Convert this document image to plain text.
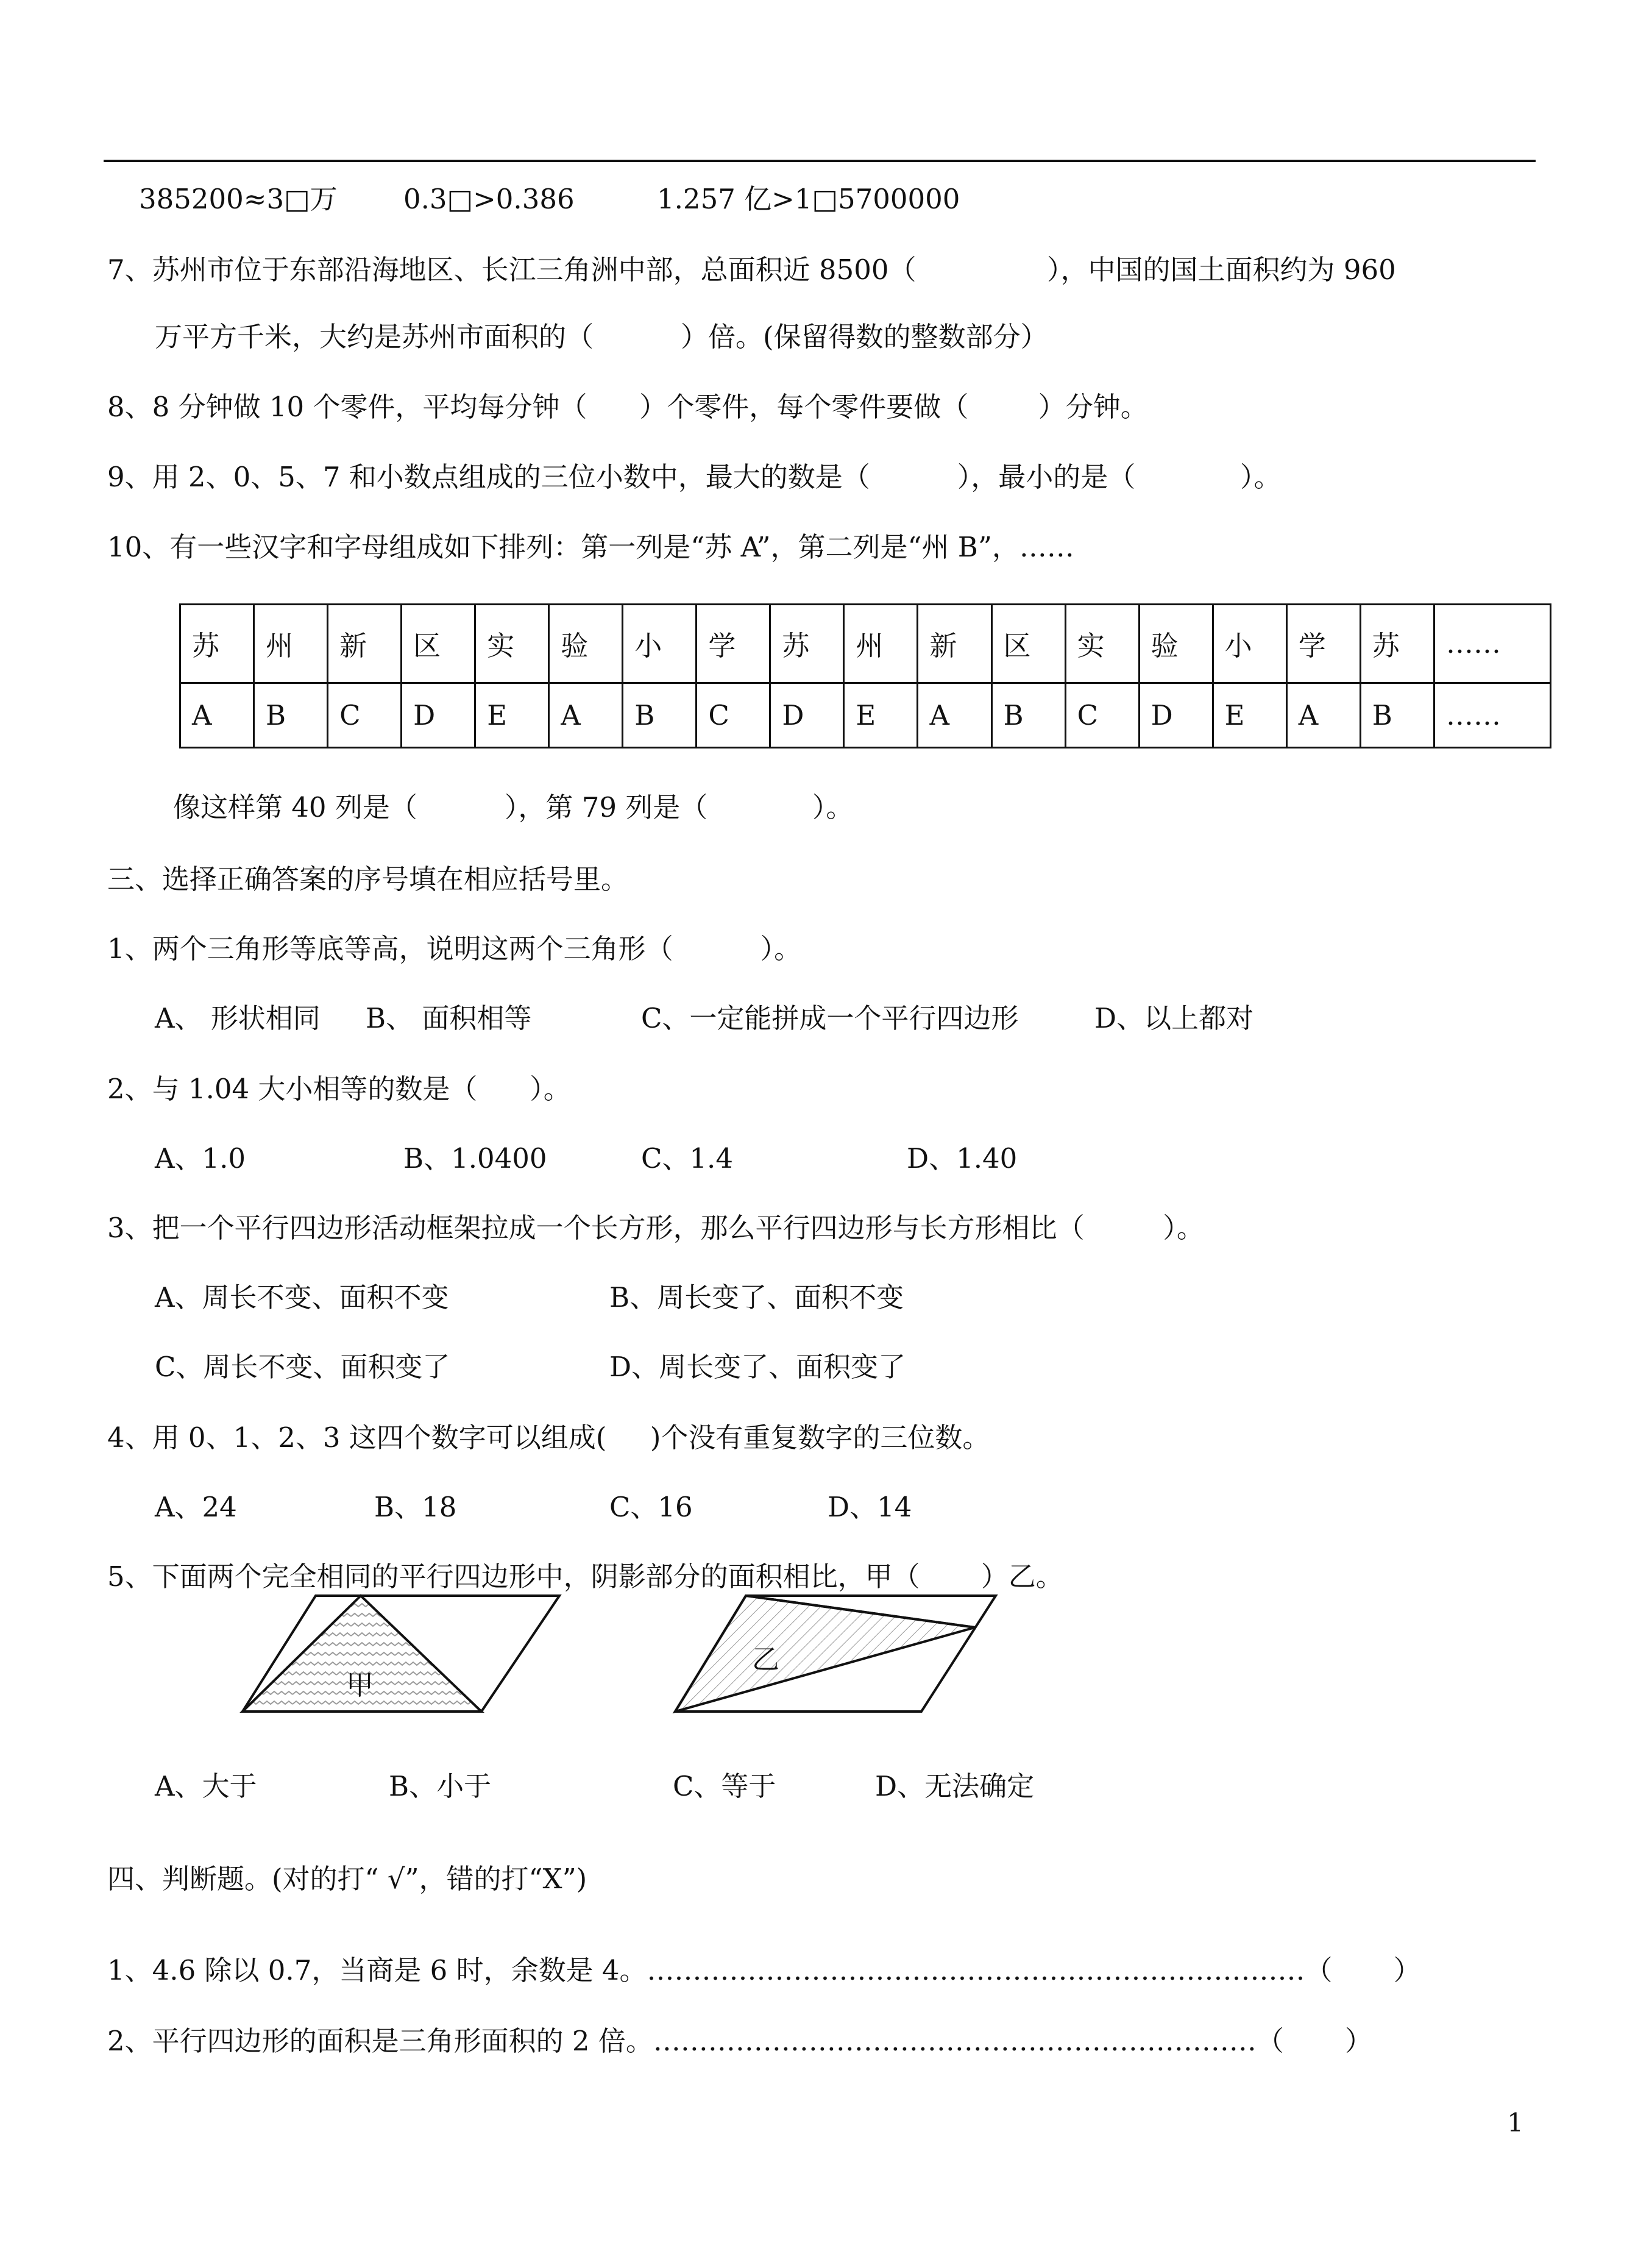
385200≈3□万 0.3□>0.386	1.257 亿>1□5700000
7、苏州市位于东部沿海地区、长江三角洲中部，总面积近 8500（               ），中国的国土面积约为 960
万平方千米，大约是苏州市面积的（          ）倍。(保留得数的整数部分）
8、8 分钟做 10 个零件，平均每分钟（      ）个零件，每个零件要做（        ）分钟。
9、用 2、0、5、7 和小数点组成的三位小数中，最大的数是（          ），最小的是（            ）。
10、有一些汉字和字母组成如下排列：第一列是“苏 A”，第二列是“州 B”，……
苏	州	新	区	实	验	小	学	苏	州	新	区	实	验	小	学	苏	……
A	B	C	D	E	A	B	C	D	E	A	B	C	D	E	A	B	……
像这样第 40 列是（          ），第 79 列是（            ）。
三、选择正确答案的序号填在相应括号里。
1、两个三角形等底等高，说明这两个三角形（          ）。
A、 形状相同 B、 面积相等	C、一定能拼成一个平行四边形	D、以上都对
2、与 1.04 大小相等的数是（      ）。
A、1.0	B、1.0400	C、1.4	D、1.40
3、把一个平行四边形活动框架拉成一个长方形，那么平行四边形与长方形相比（         ）。
A、周长不变、面积不变	B、周长变了、面积不变
C、周长不变、面积变了	D、周长变了、面积变了
4、用 0、1、2、3 这四个数字可以组成(     )个没有重复数字的三位数。
A、24	B、18	C、16	D、14
5、下面两个完全相同的平行四边形中，阴影部分的面积相比，甲（       ）乙。
甲
乙
A、大于	B、小于	C、等于	D、无法确定
四、判断题。(对的打“ √”，错的打“X”)
1、4.6 除以 0.7，当商是 6 时，余数是 4。………………………………………………………………（       ）
2、平行四边形的面积是三角形面积的 2 倍。…………………………………………………………（       ）
1
